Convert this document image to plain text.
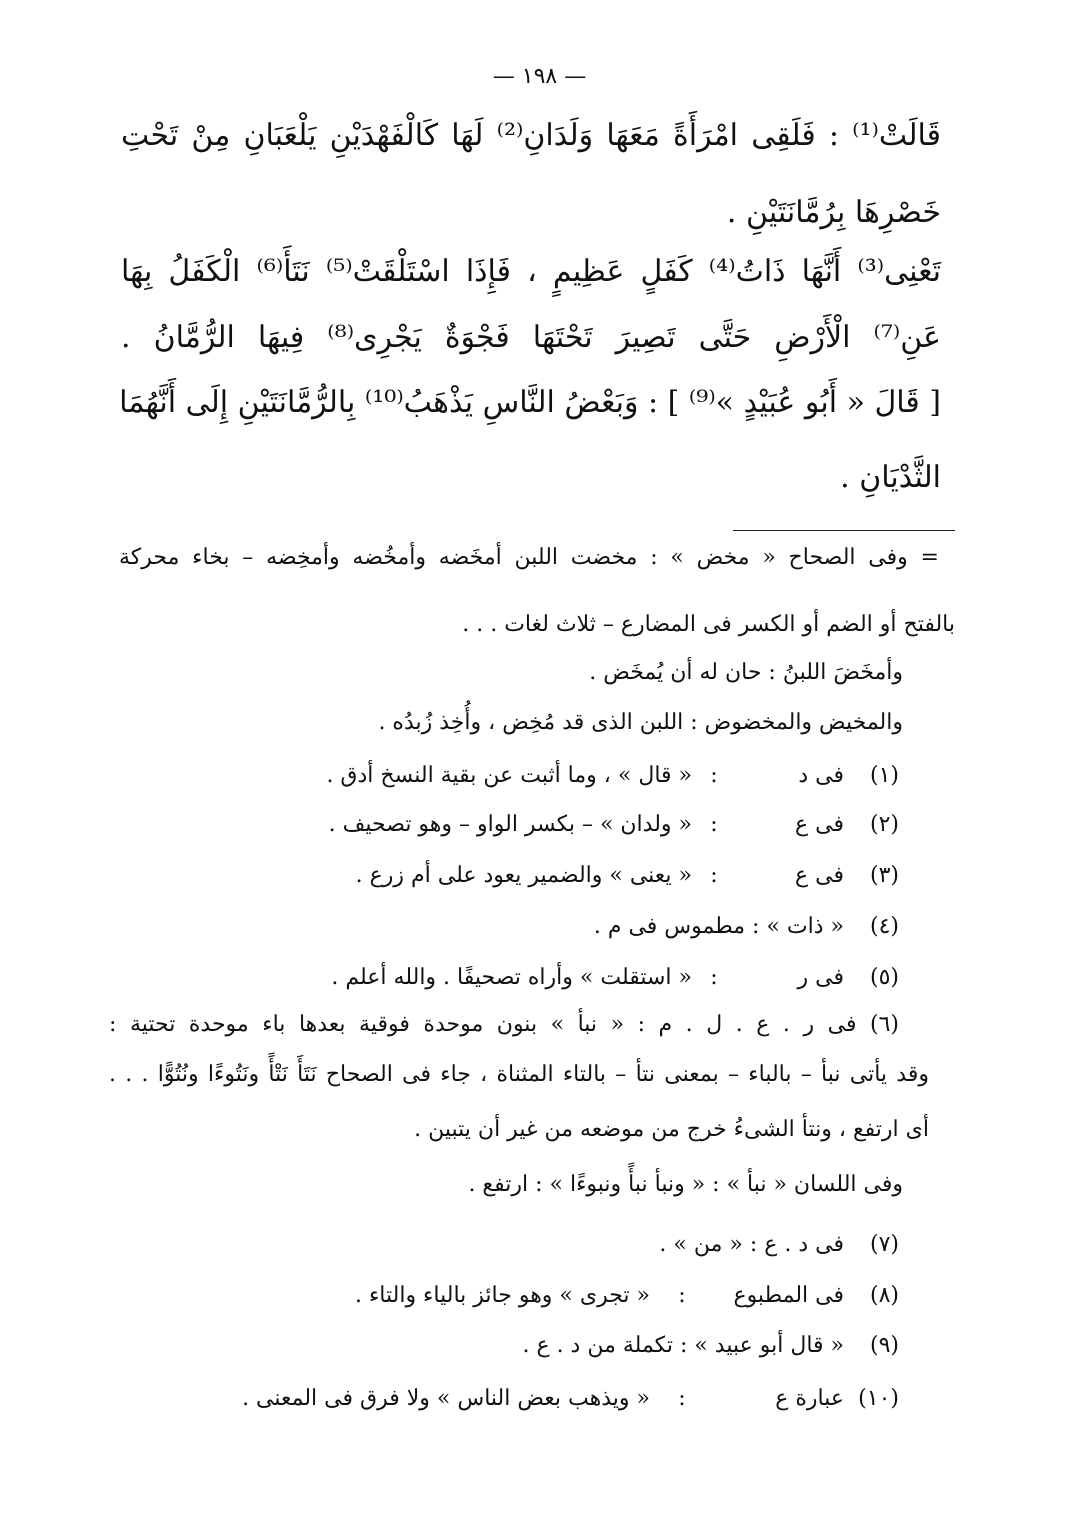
— ١٩٨ —
قَالَتْ⁽¹⁾ : فَلَقِى امْرَأَةً مَعَهَا وَلَدَانِ⁽²⁾ لَهَا كَالْفَهْدَيْنِ يَلْعَبَانِ مِنْ تَحْتِ
خَصْرِهَا بِرُمَّانَتَيْنِ .
تَعْنِى⁽³⁾ أَنَّهَا ذَاتُ⁽⁴⁾ كَفَلٍ عَظِيمٍ ، فَإِذَا اسْتَلْقَتْ⁽⁵⁾ نَتَأَ⁽⁶⁾ الْكَفَلُ بِهَا
عَنِ⁽⁷⁾ الْأَرْضِ حَتَّى تَصِيرَ تَحْتَهَا فَجْوَةٌ يَجْرِى⁽⁸⁾ فِيهَا الرُّمَّانُ .
[ قَالَ « أَبُو عُبَيْدٍ »⁽⁹⁾ ] : وَبَعْضُ النَّاسِ يَذْهَبُ⁽¹⁰⁾ بِالرُّمَّانَتَيْنِ إِلَى أَنَّهُمَا
الثَّدْيَانِ .
= وفى الصحاح « مخض » : مخضت اللبن أمخَضه وأمخُضه وأمخِضه – بخاء محركة
بالفتح أو الضم أو الكسر فى المضارع – ثلاث لغات . . .
وأمخَضَ اللبنُ : حان له أن يُمخَض .
والمخيض والمخضوض : اللبن الذى قد مُخِض ، وأُخِذ زُبدُه .
(١) فى د : « قال » ، وما أثبت عن بقية النسخ أدق .
(٢) فى ع : « ولدان » – بكسر الواو – وهو تصحيف .
(٣) فى ع : « يعنى » والضمير يعود على أم زرع .
(٤) « ذات » : مطموس فى م .
(٥) فى ر : « استقلت » وأراه تصحيفًا . والله أعلم .
(٦) فى ر . ع . ل . م : « نبأ » بنون موحدة فوقية بعدها باء موحدة تحتية :
وقد يأتى نبأ – بالباء – بمعنى نتأ – بالتاء المثناة ، جاء فى الصحاح نَتَأَ نَتْأً ونَتُوءًا ونُتُوًّا . . .
أى ارتفع ، ونتأ الشىءُ خرج من موضعه من غير أن يتبين .
وفى اللسان « نبأ » : « ونبأ نبأً ونبوءًا » : ارتفع .
(٧) فى د . ع : « من » .
(٨) فى المطبوع : « تجرى » وهو جائز بالياء والتاء .
(٩) « قال أبو عبيد » : تكملة من د . ع .
(١٠) عبارة ع : « ويذهب بعض الناس » ولا فرق فى المعنى .
